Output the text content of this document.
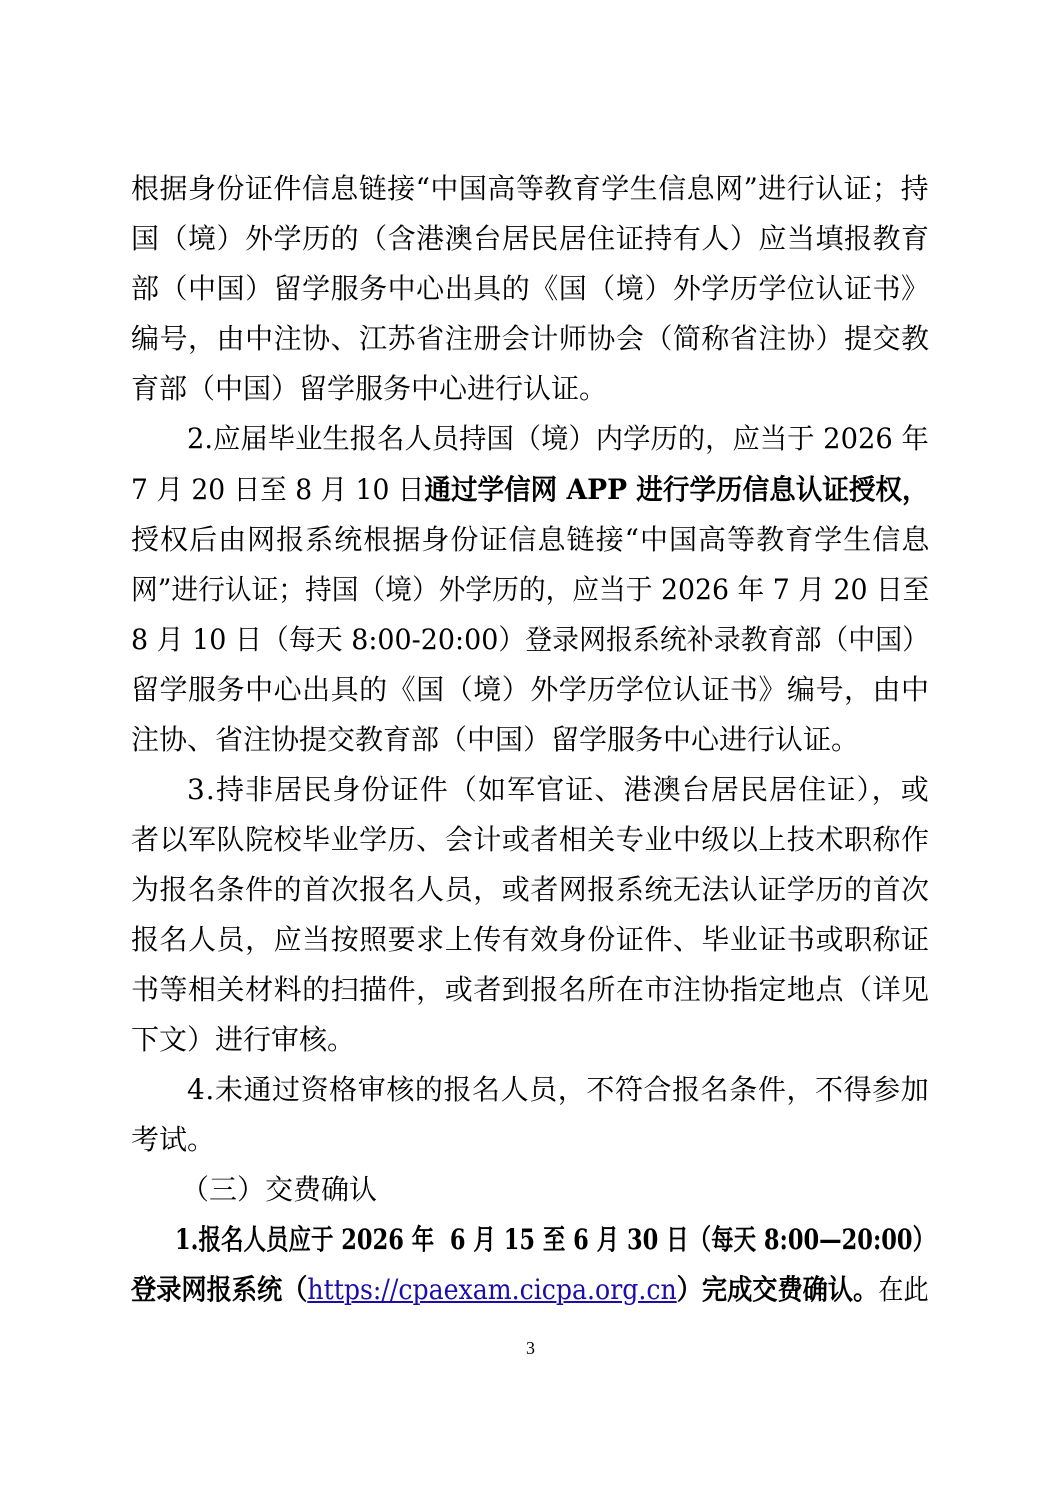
根据身份证件信息链接“中国高等教育学生信息网”进行认证；持
国（境）外学历的（含港澳台居民居住证持有人）应当填报教育
部（中国）留学服务中心出具的《国（境）外学历学位认证书》
编号，由中注协、江苏省注册会计师协会（简称省注协）提交教
育部（中国）留学服务中心进行认证。
2.应届毕业生报名人员持国（境）内学历的，应当于 2026 年
7 月 20 日至 8 月 10 日 通过学信网 APP 进行学历信息认证授权，
授权后由网报系统根据身份证信息链接“中国高等教育学生信息
网”进行认证；持国（境）外学历的，应当于 2026 年 7 月 20 日至
8 月 10 日（每天 8:00-20:00）登录网报系统补录教育部（中国）
留学服务中心出具的《国（境）外学历学位认证书》编号，由中
注协、省注协提交教育部（中国）留学服务中心进行认证。
3.持非居民身份证件（如军官证、港澳台居民居住证），或
者以军队院校毕业学历、会计或者相关专业中级以上技术职称作
为报名条件的首次报名人员，或者网报系统无法认证学历的首次
报名人员，应当按照要求上传有效身份证件、毕业证书或职称证
书等相关材料的扫描件，或者到报名所在市注协指定地点（详见
下文）进行审核。
4.未通过资格审核的报名人员，不符合报名条件，不得参加
考试。
（三）交费确认
1.报名人员应于 2026 年  6 月 15 至 6 月 30 日（每天 8:00—20:00）
登录网报系统（ https://cpaexam.cicpa.org.cn ）完成交费确认。 在此
3
